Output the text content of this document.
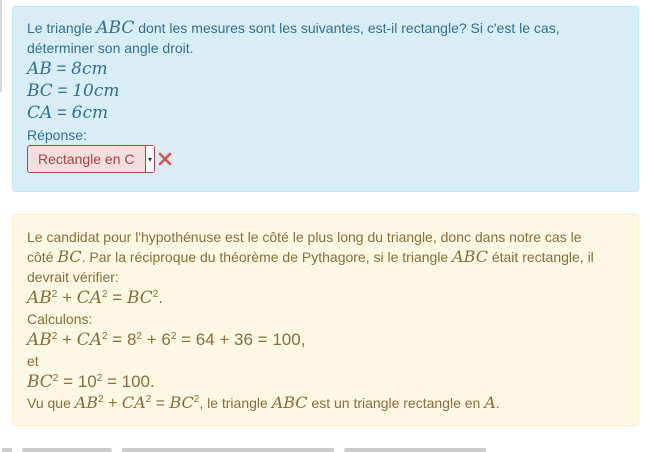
Le triangle ABC dont les mesures sont les suivantes, est-il rectangle? Si c'est le cas,
déterminer son angle droit.
AB = 8cm
BC = 10cm
CA = 6cm
Réponse:
Rectangle en C	▾
Le candidat pour l'hypothénuse est le côté le plus long du triangle, donc dans notre cas le
côté BC. Par la réciproque du théorème de Pythagore, si le triangle ABC était rectangle, il
devrait vérifier:
$AB^2 + CA^2 = BC^2$.
Calculons:
$AB^2 + CA^2 = 8^2 + 6^2 = 64 + 36 = 100$,
et
$BC^2 = 10^2 = 100$.
Vu que $AB^2 + CA^2 = BC^2$, le triangle ABC est un triangle rectangle en A.
